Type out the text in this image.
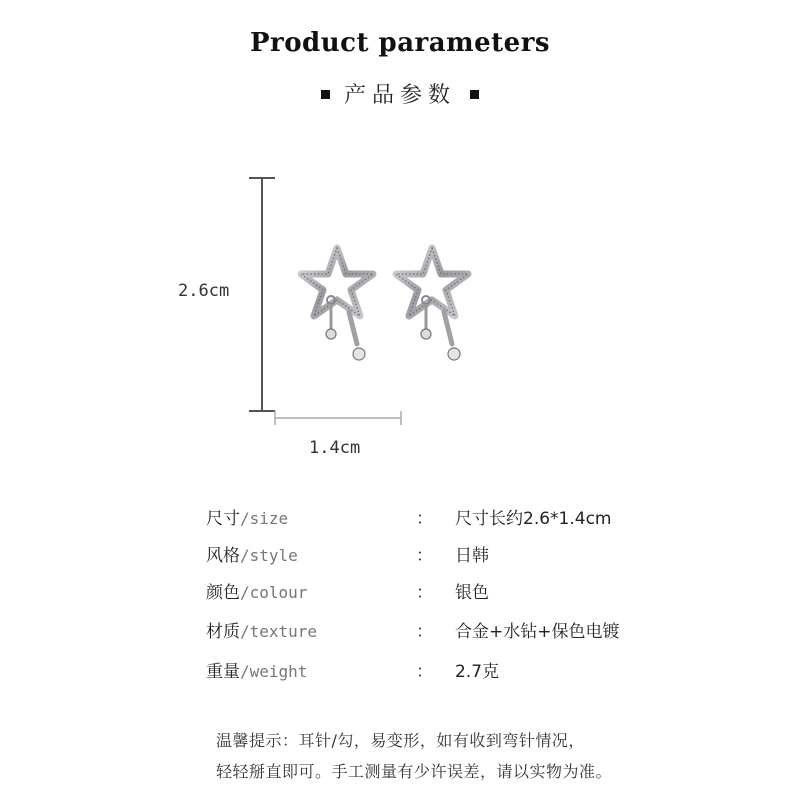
Product parameters
产品参数
2.6cm
1.4cm
尺寸/size	： 尺寸长约2.6*1.4cm
风格/style	： 日韩
颜色/colour	： 银色
材质/texture	： 合金+水钻+保色电镀
重量/weight	： 2.7克
温馨提示：耳针/勾，易变形，如有收到弯针情况，
轻轻掰直即可。手工测量有少许误差，请以实物为准。
